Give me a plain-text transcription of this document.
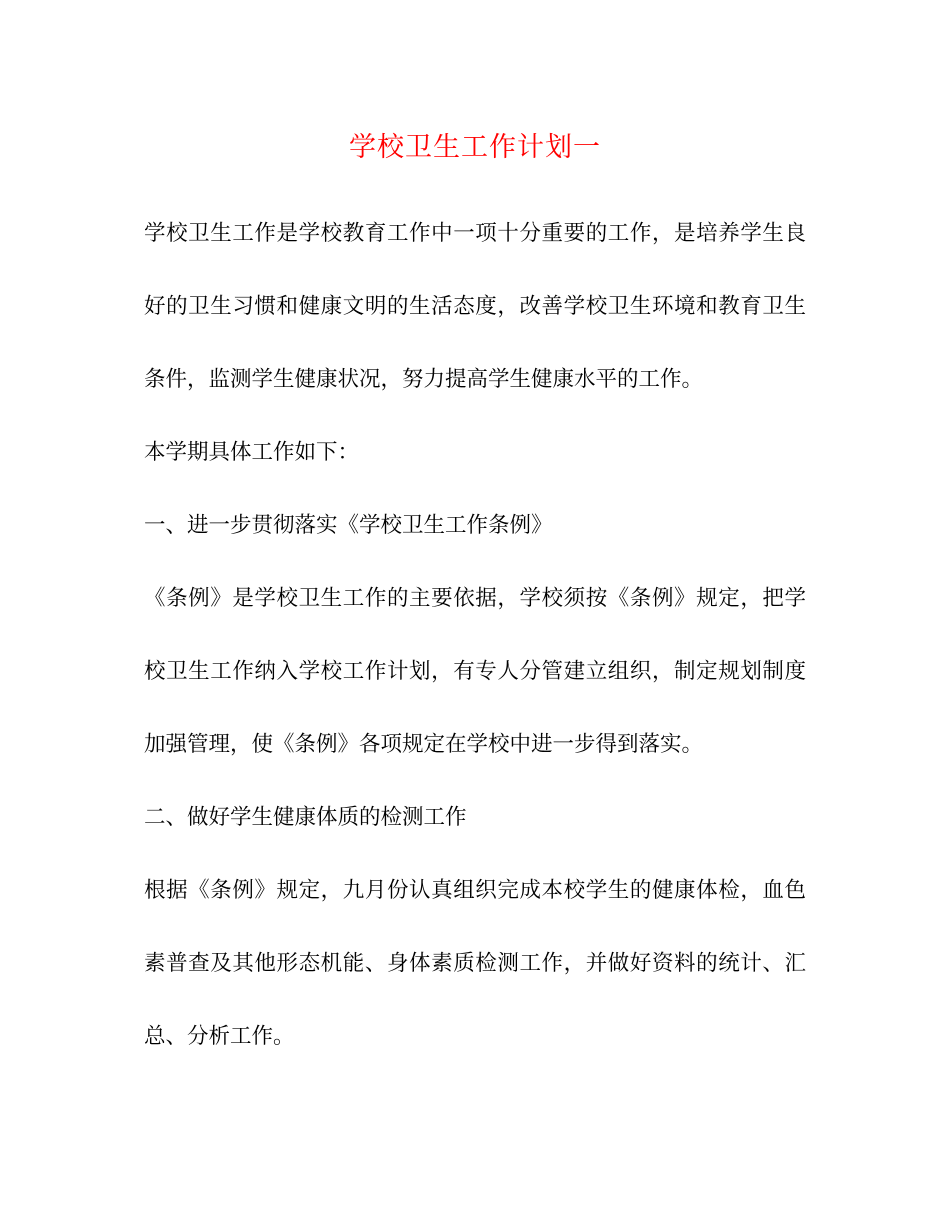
学校卫生工作计划一
学校卫生工作是学校教育工作中一项十分重要的工作，是培养学生良
好的卫生习惯和健康文明的生活态度，改善学校卫生环境和教育卫生
条件，监测学生健康状况，努力提高学生健康水平的工作。
本学期具体工作如下：
一、进一步贯彻落实《学校卫生工作条例》
《条例》是学校卫生工作的主要依据，学校须按《条例》规定，把学
校卫生工作纳入学校工作计划，有专人分管建立组织，制定规划制度
加强管理，使《条例》各项规定在学校中进一步得到落实。
二、做好学生健康体质的检测工作
根据《条例》规定，九月份认真组织完成本校学生的健康体检，血色
素普查及其他形态机能、身体素质检测工作，并做好资料的统计、汇
总、分析工作。
